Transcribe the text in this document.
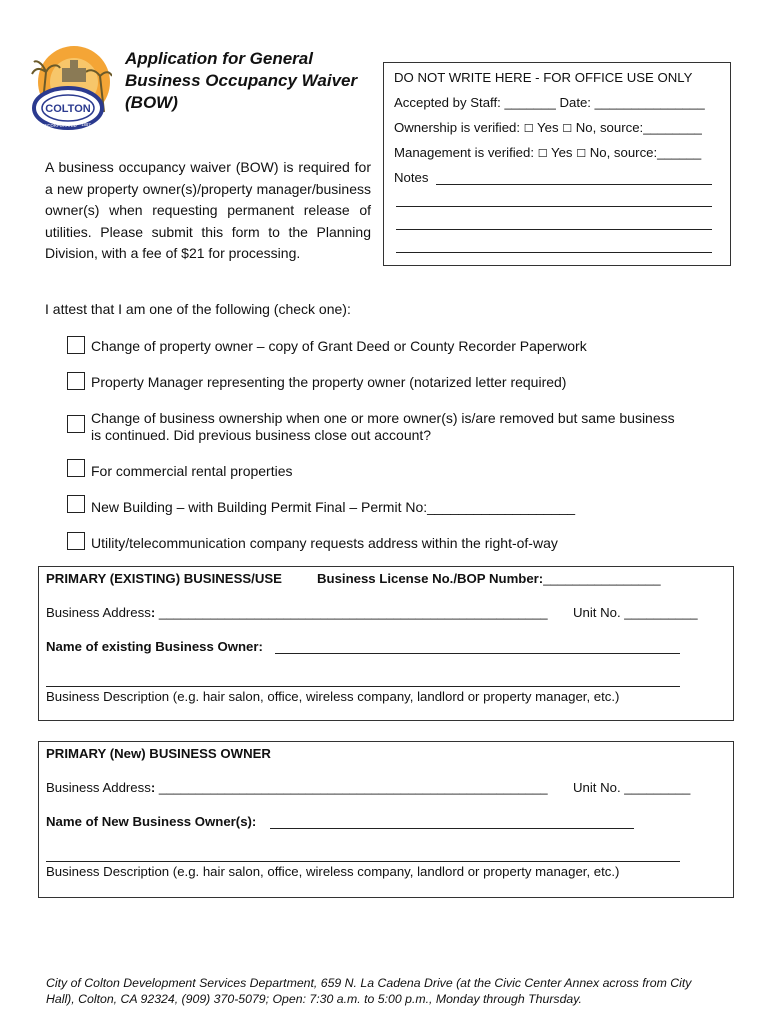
COLTON
INCORPORATED 1887
Application for General
Business Occupancy Waiver
(BOW)
DO NOT WRITE HERE - FOR OFFICE USE ONLY
Accepted by Staff: _______ Date: _______________
Ownership is verified: ☐ Yes ☐ No, source:________
Management is verified: ☐ Yes ☐ No, source:______
Notes
A business occupancy waiver (BOW) is required for a new property owner(s)/property manager/business owner(s) when requesting permanent release of utilities. Please submit this form to the Planning Division, with a fee of $21 for processing.
I attest that I am one of the following (check one):
Change of property owner – copy of Grant Deed or County Recorder Paperwork
Property Manager representing the property owner (notarized letter required)
Change of business ownership when one or more owner(s) is/are removed but same business
is continued. Did previous business close out account?
For commercial rental properties
New Building – with Building Permit Final – Permit No:___________________
Utility/telecommunication company requests address within the right-of-way
PRIMARY (EXISTING) BUSINESS/USE	Business License No./BOP Number:________________
Business Address: _____________________________________________________ Unit No. __________
Name of existing Business Owner:
Business Description (e.g. hair salon, office, wireless company, landlord or property manager, etc.)
PRIMARY (New) BUSINESS OWNER
Business Address: _____________________________________________________ Unit No. _________
Name of New Business Owner(s):
Business Description (e.g. hair salon, office, wireless company, landlord or property manager, etc.)
City of Colton Development Services Department, 659 N. La Cadena Drive (at the Civic Center Annex across from City
Hall), Colton, CA 92324, (909) 370-5079; Open: 7:30 a.m. to 5:00 p.m., Monday through Thursday.
